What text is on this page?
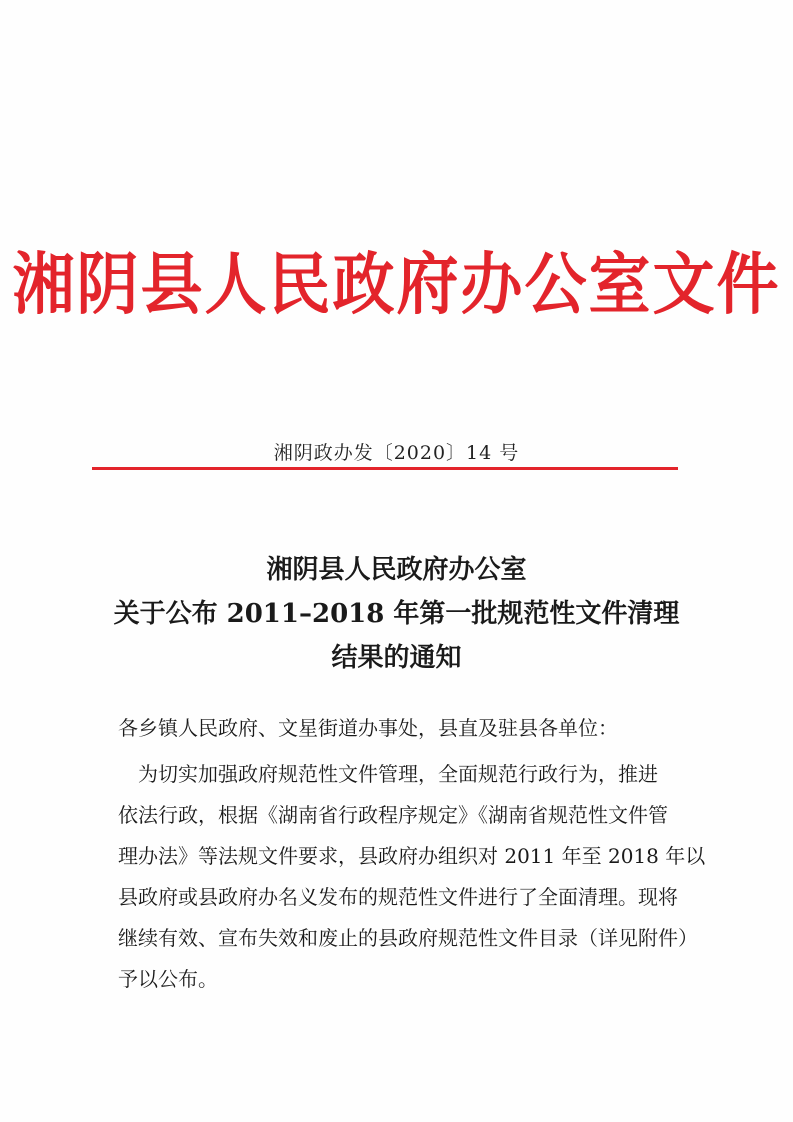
湘阴县人民政府办公室文件
湘阴政办发〔2020〕14 号
湘阴县人民政府办公室
关于公布 2011–2018 年第一批规范性文件清理
结果的通知
各乡镇人民政府、文星街道办事处，县直及驻县各单位：
为切实加强政府规范性文件管理，全面规范行政行为，推进
依法行政，根据《湖南省行政程序规定》《湖南省规范性文件管
理办法》等法规文件要求，县政府办组织对 2011 年至 2018 年以
县政府或县政府办名义发布的规范性文件进行了全面清理。现将
继续有效、宣布失效和废止的县政府规范性文件目录（详见附件）
予以公布。
